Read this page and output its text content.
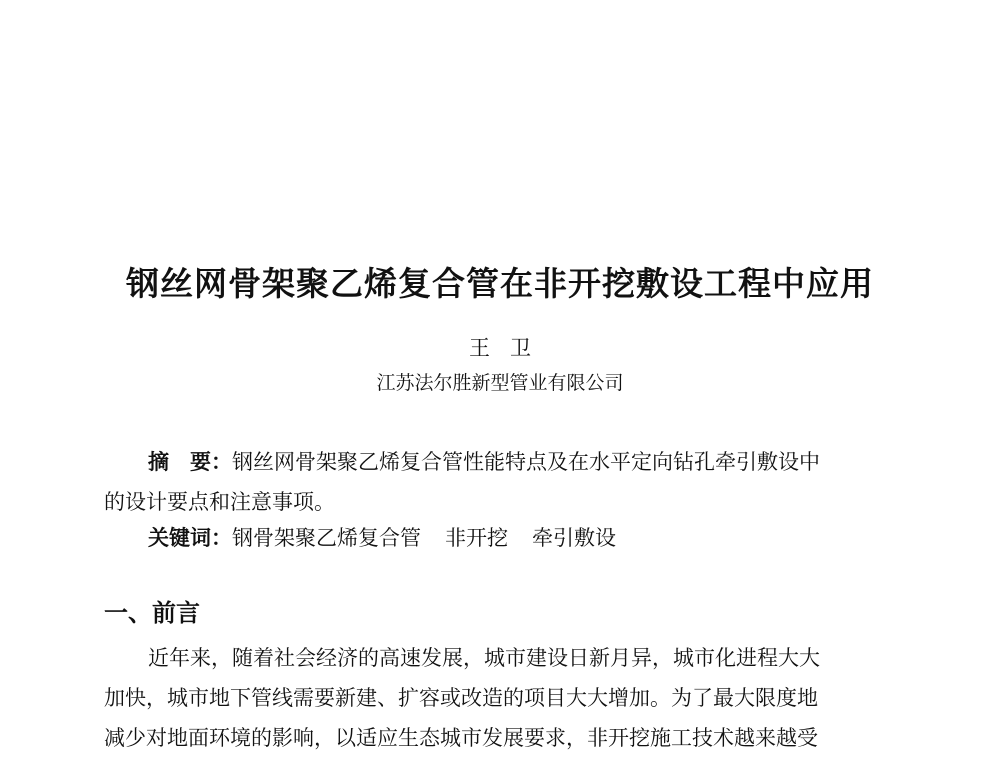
钢丝网骨架聚乙烯复合管在非开挖敷设工程中应用
王 卫
江苏法尔胜新型管业有限公司
摘　要：钢丝网骨架聚乙烯复合管性能特点及在水平定向钻孔牵引敷设中
的设计要点和注意事项。
关键词：钢骨架聚乙烯复合管 非开挖 牵引敷设
一、前言
近年来，随着社会经济的高速发展，城市建设日新月异，城市化进程大大
加快，城市地下管线需要新建、扩容或改造的项目大大增加。为了最大限度地
减少对地面环境的影响，以适应生态城市发展要求，非开挖施工技术越来越受
